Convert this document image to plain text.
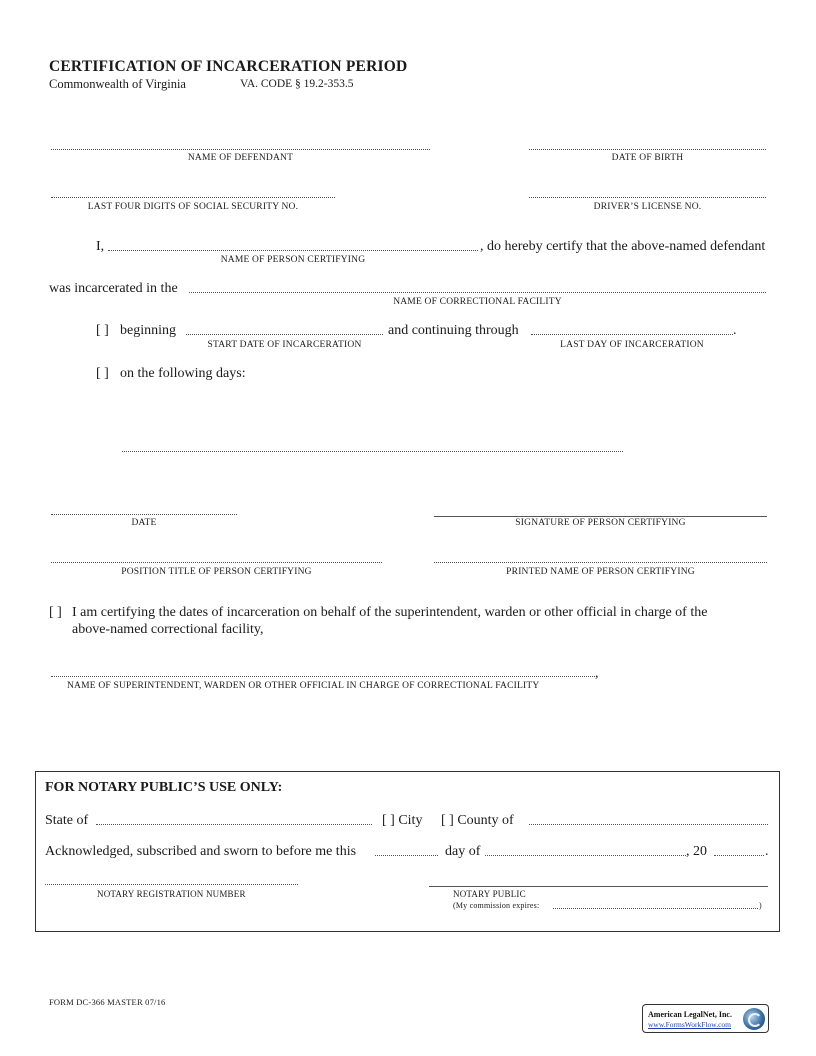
CERTIFICATION OF INCARCERATION PERIOD
Commonwealth of Virginia	VA. CODE § 19.2-353.5
NAME OF DEFENDANT	DATE OF BIRTH
LAST FOUR DIGITS OF SOCIAL SECURITY NO.	DRIVER’S LICENSE NO.
I,	, do hereby certify that the above-named defendant
NAME OF PERSON CERTIFYING
was incarcerated in the
NAME OF CORRECTIONAL FACILITY
[ ] beginning	and continuing through	.
START DATE OF INCARCERATION	LAST DAY OF INCARCERATION
[ ] on the following days:
DATE	SIGNATURE OF PERSON CERTIFYING
POSITION TITLE OF PERSON CERTIFYING	PRINTED NAME OF PERSON CERTIFYING
[ ] I am certifying the dates of incarceration on behalf of the superintendent, warden or other official in charge of the
above-named correctional facility,
,
NAME OF SUPERINTENDENT, WARDEN OR OTHER OFFICIAL IN CHARGE OF CORRECTIONAL FACILITY
FOR NOTARY PUBLIC’S USE ONLY:
State of	[ ] City [ ] County of
Acknowledged, subscribed and sworn to before me this	day of	, 20	.
NOTARY REGISTRATION NUMBER	NOTARY PUBLIC
(My commission expires:	)
FORM DC-366 MASTER 07/16
American LegalNet, Inc.
www.FormsWorkFlow.com
